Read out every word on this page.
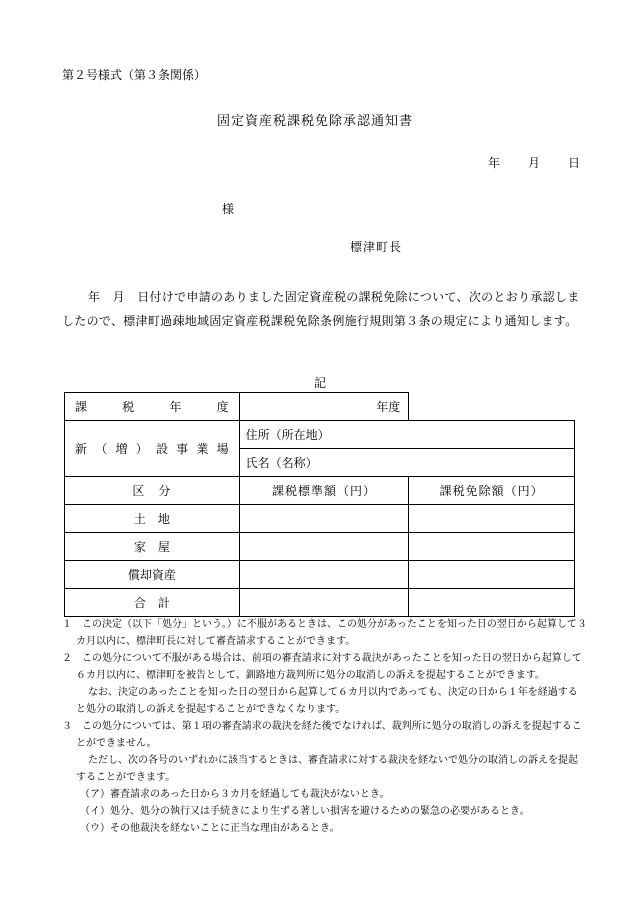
第２号様式（第３条関係）
固定資産税課税免除承認通知書
年 月 日
様
標津町長
年　月　日付けで申請のありました固定資産税の課税免除について、次のとおり承認しましたので、標津町過疎地域固定資産税課税免除条例施行規則第３条の規定により通知します。
記
課　税　年　度	年度	
新（増）設事業場	住所（所在地）	
	氏名（名称）	
区　分	課税標準額（円）	課税免除額（円）
土　地		
家　屋		
償却資産		
合　計		

１　この決定（以下「処分」という。）に不服があるときは、この処分があったことを知った日の翌日から起算して３カ月以内に、標津町長に対して審査請求することができます。

２　この処分について不服がある場合は、前項の審査請求に対する裁決があったことを知った日の翌日から起算して６カ月以内に、標津町を被告として、釧路地方裁判所に処分の取消しの訴えを提起することができます。

なお、決定のあったことを知った日の翌日から起算して６カ月以内であっても、決定の日から１年を経過すると処分の取消しの訴えを提起することができなくなります。

３　この処分については、第１項の審査請求の裁決を経た後でなければ、裁判所に処分の取消しの訴えを提起することができません。

ただし、次の各号のいずれかに該当するときは、審査請求に対する裁決を経ないで処分の取消しの訴えを提起することができます。

（ア）審査請求のあった日から３カ月を経過しても裁決がないとき。

（イ）処分、処分の執行又は手続きにより生ずる著しい損害を避けるための緊急の必要があるとき。

（ウ）その他裁決を経ないことに正当な理由があるとき。
